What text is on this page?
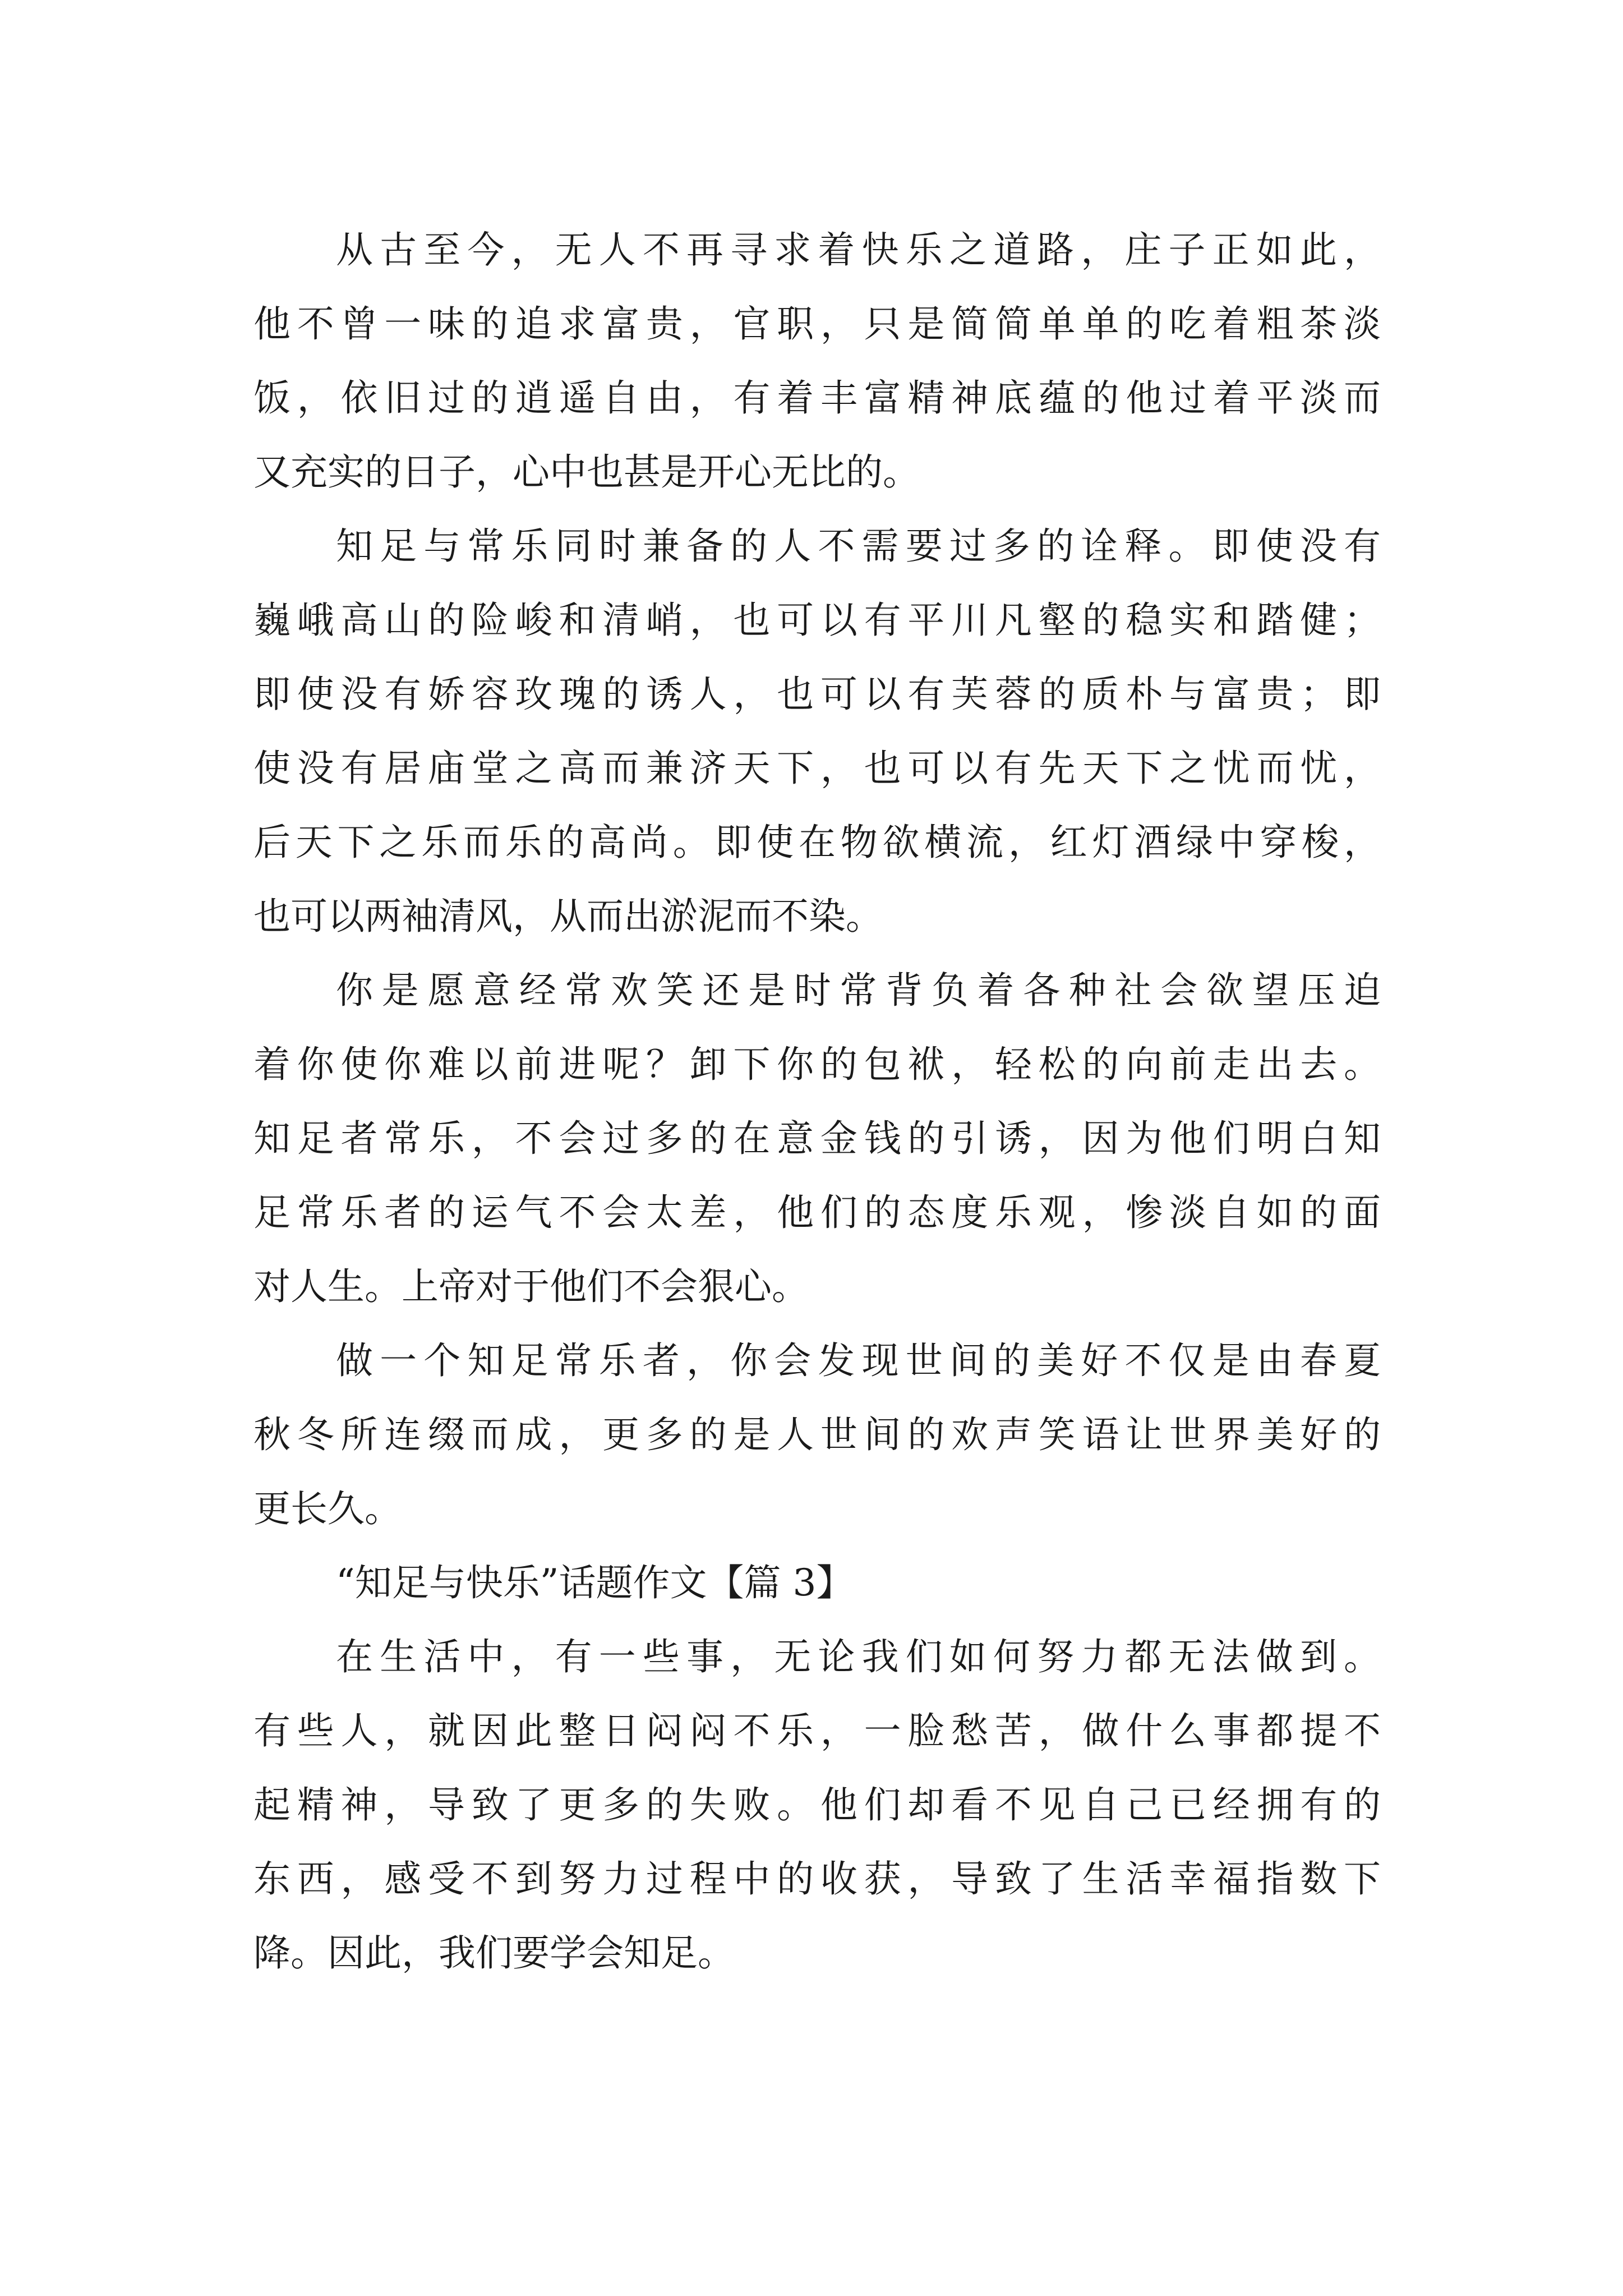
从古至今，无人不再寻求着快乐之道路，庄子正如此，
他不曾一味的追求富贵，官职，只是简简单单的吃着粗茶淡
饭，依旧过的逍遥自由，有着丰富精神底蕴的他过着平淡而
又充实的日子，心中也甚是开心无比的。
知足与常乐同时兼备的人不需要过多的诠释。即使没有
巍峨高山的险峻和清峭，也可以有平川凡壑的稳实和踏健；
即使没有娇容玫瑰的诱人，也可以有芙蓉的质朴与富贵；即
使没有居庙堂之高而兼济天下，也可以有先天下之忧而忧，
后天下之乐而乐的高尚。即使在物欲横流，红灯酒绿中穿梭，
也可以两袖清风，从而出淤泥而不染。
你是愿意经常欢笑还是时常背负着各种社会欲望压迫
着你使你难以前进呢？卸下你的包袱，轻松的向前走出去。
知足者常乐，不会过多的在意金钱的引诱，因为他们明白知
足常乐者的运气不会太差，他们的态度乐观，惨淡自如的面
对人生。上帝对于他们不会狠心。
做一个知足常乐者，你会发现世间的美好不仅是由春夏
秋冬所连缀而成，更多的是人世间的欢声笑语让世界美好的
更长久。
“知足与快乐”话题作文【篇 3】
在生活中，有一些事，无论我们如何努力都无法做到。
有些人，就因此整日闷闷不乐，一脸愁苦，做什么事都提不
起精神，导致了更多的失败。他们却看不见自己已经拥有的
东西，感受不到努力过程中的收获，导致了生活幸福指数下
降。因此，我们要学会知足。
